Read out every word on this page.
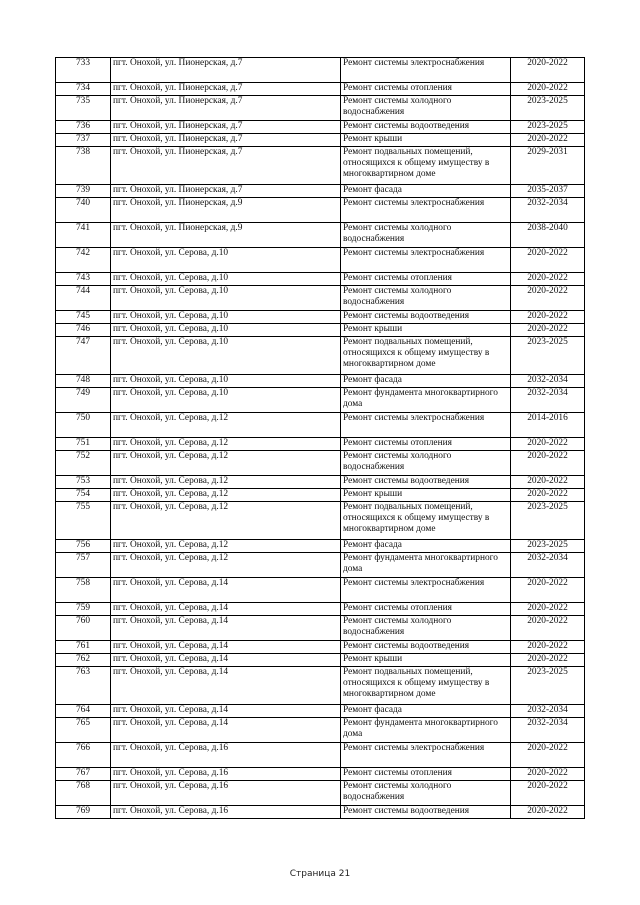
733	пгт. Онохой, ул. Пионерская, д.7	Ремонт системы электроснабжения	2020-2022
734	пгт. Онохой, ул. Пионерская, д.7	Ремонт системы отопления	2020-2022
735	пгт. Онохой, ул. Пионерская, д.7	Ремонт системы холодного водоснабжения	2023-2025
736	пгт. Онохой, ул. Пионерская, д.7	Ремонт системы водоотведения	2023-2025
737	пгт. Онохой, ул. Пионерская, д.7	Ремонт крыши	2020-2022
738	пгт. Онохой, ул. Пионерская, д.7	Ремонт подвальных помещений, относящихся к общему имуществу в многоквартирном доме	2029-2031
739	пгт. Онохой, ул. Пионерская, д.7	Ремонт фасада	2035-2037
740	пгт. Онохой, ул. Пионерская, д.9	Ремонт системы электроснабжения	2032-2034
741	пгт. Онохой, ул. Пионерская, д.9	Ремонт системы холодного водоснабжения	2038-2040
742	пгт. Онохой, ул. Серова, д.10	Ремонт системы электроснабжения	2020-2022
743	пгт. Онохой, ул. Серова, д.10	Ремонт системы отопления	2020-2022
744	пгт. Онохой, ул. Серова, д.10	Ремонт системы холодного водоснабжения	2020-2022
745	пгт. Онохой, ул. Серова, д.10	Ремонт системы водоотведения	2020-2022
746	пгт. Онохой, ул. Серова, д.10	Ремонт крыши	2020-2022
747	пгт. Онохой, ул. Серова, д.10	Ремонт подвальных помещений, относящихся к общему имуществу в многоквартирном доме	2023-2025
748	пгт. Онохой, ул. Серова, д.10	Ремонт фасада	2032-2034
749	пгт. Онохой, ул. Серова, д.10	Ремонт фундамента многоквартирного дома	2032-2034
750	пгт. Онохой, ул. Серова, д.12	Ремонт системы электроснабжения	2014-2016
751	пгт. Онохой, ул. Серова, д.12	Ремонт системы отопления	2020-2022
752	пгт. Онохой, ул. Серова, д.12	Ремонт системы холодного водоснабжения	2020-2022
753	пгт. Онохой, ул. Серова, д.12	Ремонт системы водоотведения	2020-2022
754	пгт. Онохой, ул. Серова, д.12	Ремонт крыши	2020-2022
755	пгт. Онохой, ул. Серова, д.12	Ремонт подвальных помещений, относящихся к общему имуществу в многоквартирном доме	2023-2025
756	пгт. Онохой, ул. Серова, д.12	Ремонт фасада	2023-2025
757	пгт. Онохой, ул. Серова, д.12	Ремонт фундамента многоквартирного дома	2032-2034
758	пгт. Онохой, ул. Серова, д.14	Ремонт системы электроснабжения	2020-2022
759	пгт. Онохой, ул. Серова, д.14	Ремонт системы отопления	2020-2022
760	пгт. Онохой, ул. Серова, д.14	Ремонт системы холодного водоснабжения	2020-2022
761	пгт. Онохой, ул. Серова, д.14	Ремонт системы водоотведения	2020-2022
762	пгт. Онохой, ул. Серова, д.14	Ремонт крыши	2020-2022
763	пгт. Онохой, ул. Серова, д.14	Ремонт подвальных помещений, относящихся к общему имуществу в многоквартирном доме	2023-2025
764	пгт. Онохой, ул. Серова, д.14	Ремонт фасада	2032-2034
765	пгт. Онохой, ул. Серова, д.14	Ремонт фундамента многоквартирного дома	2032-2034
766	пгт. Онохой, ул. Серова, д.16	Ремонт системы электроснабжения	2020-2022
767	пгт. Онохой, ул. Серова, д.16	Ремонт системы отопления	2020-2022
768	пгт. Онохой, ул. Серова, д.16	Ремонт системы холодного водоснабжения	2020-2022
769	пгт. Онохой, ул. Серова, д.16	Ремонт системы водоотведения	2020-2022
Страница 21
